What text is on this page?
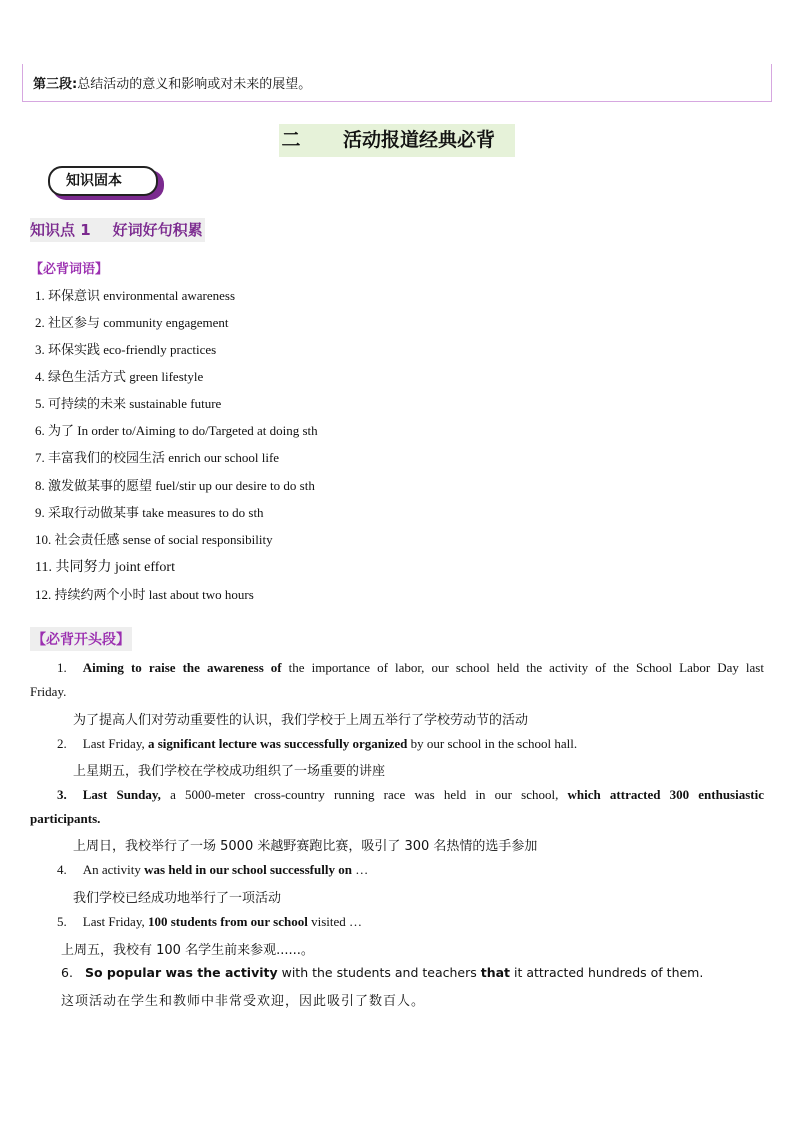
第三段:总结活动的意义和影响或对未来的展望。
二 活动报道经典必背
知识固本
知识点 1 好词好句积累
【必背词语】
1. 环保意识 environmental awareness
2. 社区参与 community engagement
3. 环保实践 eco-friendly practices
4. 绿色生活方式 green lifestyle
5. 可持续的未来 sustainable future
6. 为了 In order to/Aiming to do/Targeted at doing sth
7. 丰富我们的校园生活 enrich our school life
8. 激发做某事的愿望 fuel/stir up our desire to do sth
9. 采取行动做某事 take measures to do sth
10. 社会责任感 sense of social responsibility
11. 共同努力 joint effort
12. 持续约两个小时 last about two hours
【必背开头段】
1. Aiming to raise the awareness of the importance of labor, our school held the activity of the School Labor Day last
Friday.
为了提高人们对劳动重要性的认识，我们学校于上周五举行了学校劳动节的活动
2. Last Friday, a significant lecture was successfully organized by our school in the school hall.
上星期五，我们学校在学校成功组织了一场重要的讲座
3. Last Sunday, a 5000-meter cross-country running race was held in our school, which attracted 300 enthusiastic
participants.
上周日，我校举行了一场 5000 米越野赛跑比赛，吸引了 300 名热情的选手参加
4. An activity was held in our school successfully on …
我们学校已经成功地举行了一项活动
5. Last Friday, 100 students from our school visited …
上周五，我校有 100 名学生前来参观......。
6. So popular was the activity with the students and teachers that it attracted hundreds of them.
这项活动在学生和教师中非常受欢迎，因此吸引了数百人。
